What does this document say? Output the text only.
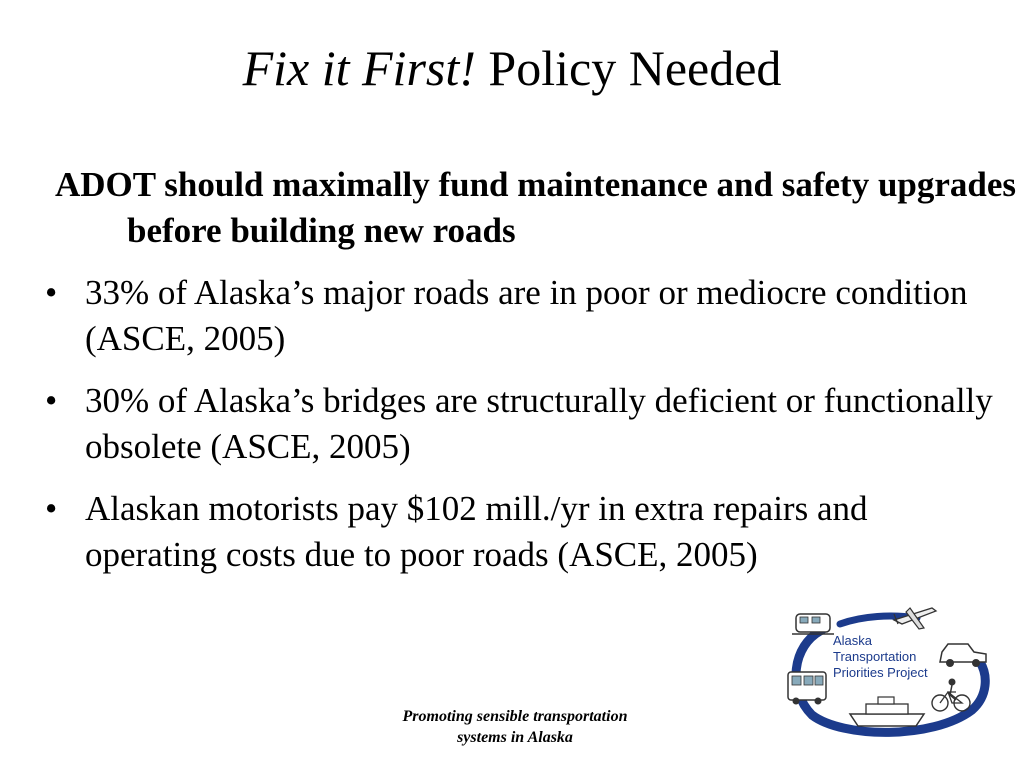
Fix it First! Policy Needed

ADOT should maximally fund maintenance and safety upgrades before building new roads

• 33% of Alaska’s major roads are in poor or mediocre condition (ASCE, 2005)
• 30% of Alaska’s bridges are structurally deficient or functionally obsolete (ASCE, 2005)
• Alaskan motorists pay $102 mill./yr in extra repairs and operating costs due to poor roads (ASCE, 2005)
Promoting sensible transportation
systems in Alaska
Alaska
Transportation
Priorities Project
